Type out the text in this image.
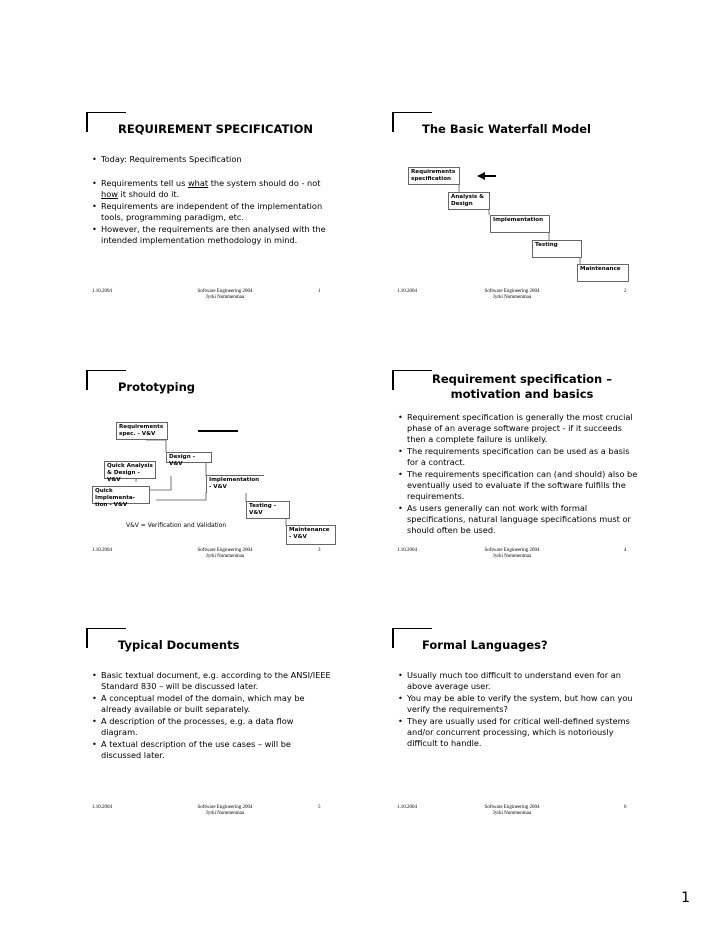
REQUIREMENT SPECIFICATION
• Today: Requirements Specification
• Requirements tell us what the system should do - not how it should do it.
• Requirements are independent of the implementation tools, programming paradigm, etc.
• However, the requirements are then analysed with the intended implementation methodology in mind.
1.10.2004	Software Engineering 2004
Jyrki Nummenmaa
1
The Basic Waterfall Model
Requirements specification
Analysis & Design
Implementation
Testing
Maintenance
1.10.2004	Software Engineering 2004
Jyrki Nummenmaa
2
Prototyping
Requirements spec. - V&V
Design - V&V
Quick Analysis & Design - V&V	Implementation - V&V
Quick Implementa-tion - V&V	Testing - V&V
Maintenance - V&V
V&V = Verification and Validation
1.10.2004	Software Engineering 2004
Jyrki Nummenmaa
3
Requirement specification – motivation and basics
• Requirement specification is generally the most crucial phase of an average software project - if it succeeds then a complete failure is unlikely.
• The requirements specification can be used as a basis for a contract.
• The requirements specification can (and should) also be eventually used to evaluate if the software fulfills the requirements.
• As users generally can not work with formal specifications, natural language specifications must or should often be used.
1.10.2004	Software Engineering 2004
Jyrki Nummenmaa
4
Typical Documents
• Basic textual document, e.g. according to the ANSI/IEEE Standard 830 – will be discussed later.
• A conceptual model of the domain, which may be already available or built separately.
• A description of the processes, e.g. a data flow diagram.
• A textual description of the use cases – will be discussed later.
1.10.2004	Software Engineering 2004
Jyrki Nummenmaa
5
Formal Languages?
• Usually much too difficult to understand even for an above average user.
• You may be able to verify the system, but how can you verify the requirements?
• They are usually used for critical well-defined systems and/or concurrent processing, which is notoriously difficult to handle.
1.10.2004	Software Engineering 2004
Jyrki Nummenmaa
6
1
